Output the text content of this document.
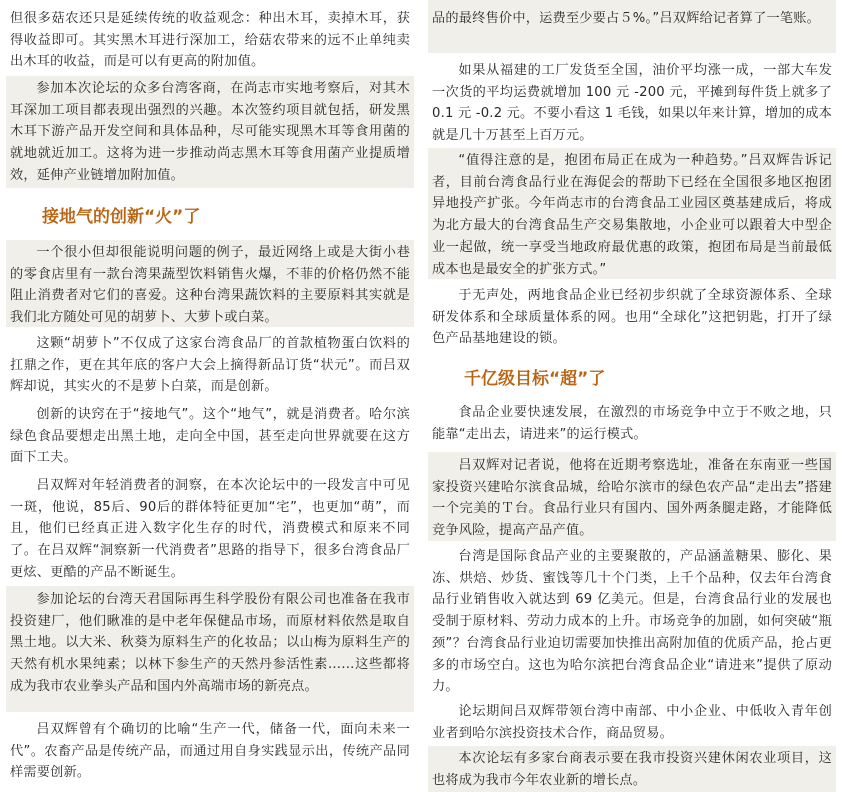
但很多菇农还只是延续传统的收益观念：种出木耳，卖掉木耳，获得收益即可。其实黑木耳进行深加工，给菇农带来的远不止单纯卖出木耳的收益，而是可以有更高的附加值。

参加本次论坛的众多台湾客商，在尚志市实地考察后，对其木耳深加工项目都表现出强烈的兴趣。本次签约项目就包括，研发黑木耳下游产品开发空间和具体品种，尽可能实现黑木耳等食用菌的就地就近加工。这将为进一步推动尚志黑木耳等食用菌产业提质增效，延伸产业链增加附加值。

接地气的创新“火”了

一个很小但却很能说明问题的例子，最近网络上或是大街小巷的零食店里有一款台湾果蔬型饮料销售火爆，不菲的价格仍然不能阻止消费者对它们的喜爱。这种台湾果蔬饮料的主要原料其实就是我们北方随处可见的胡萝卜、大萝卜或白菜。

这颗“胡萝卜”不仅成了这家台湾食品厂的首款植物蛋白饮料的扛鼎之作，更在其年底的客户大会上摘得新品订货“状元”。而吕双辉却说，其实火的不是萝卜白菜，而是创新。

创新的诀窍在于“接地气”。这个“地气”，就是消费者。哈尔滨绿色食品要想走出黑土地，走向全中国，甚至走向世界就要在这方面下工夫。

吕双辉对年轻消费者的洞察，在本次论坛中的一段发言中可见一斑，他说，85后、90后的群体特征更加“宅”，也更加“萌”，而且，他们已经真正进入数字化生存的时代，消费模式和原来不同了。在吕双辉“洞察新一代消费者”思路的指导下，很多台湾食品厂更炫、更酷的产品不断诞生。

参加论坛的台湾天君国际再生科学股份有限公司也准备在我市投资建厂，他们瞅准的是中老年保健品市场，而原材料依然是取自黑土地。以大米、秋葵为原料生产的化妆品；以山梅为原料生产的天然有机水果纯素；以林下参生产的天然丹参活性素……这些都将成为我市农业拳头产品和国内外高端市场的新亮点。

吕双辉曾有个确切的比喻“生产一代，储备一代，面向未来一代”。农畜产品是传统产品，而通过用自身实践显示出，传统产品同样需要创新。

品的最终售价中，运费至少要占５%。”吕双辉给记者算了一笔账。

如果从福建的工厂发货至全国，油价平均涨一成，一部大车发一次货的平均运费就增加 100 元 -200 元，平摊到每件货上就多了 0.1 元 -0.2 元。不要小看这 1 毛钱，如果以年来计算，增加的成本就是几十万甚至上百万元。

“值得注意的是，抱团布局正在成为一种趋势。”吕双辉告诉记者，目前台湾食品行业在海促会的帮助下已经在全国很多地区抱团异地投产扩张。今年尚志市的台湾食品工业园区奠基建成后，将成为北方最大的台湾食品生产交易集散地，小企业可以跟着大中型企业一起做，统一享受当地政府最优惠的政策，抱团布局是当前最低成本也是最安全的扩张方式。”

于无声处，两地食品企业已经初步织就了全球资源体系、全球研发体系和全球质量体系的网。也用“全球化”这把钥匙，打开了绿色产品基地建设的锁。

千亿级目标“超”了

食品企业要快速发展，在激烈的市场竞争中立于不败之地，只能靠“走出去，请进来”的运行模式。

吕双辉对记者说，他将在近期考察选址，准备在东南亚一些国家投资兴建哈尔滨食品城，给哈尔滨市的绿色农产品“走出去”搭建一个完美的Ｔ台。食品行业只有国内、国外两条腿走路，才能降低竞争风险，提高产品产值。

台湾是国际食品产业的主要聚散的，产品涵盖糖果、膨化、果冻、烘焙、炒货、蜜饯等几十个门类，上千个品种，仅去年台湾食品行业销售收入就达到 69 亿美元。但是，台湾食品行业的发展也受制于原材料、劳动力成本的上升。市场竞争的加剧，如何突破“瓶颈”？台湾食品行业迫切需要加快推出高附加值的优质产品，抢占更多的市场空白。这也为哈尔滨把台湾食品企业“请进来”提供了原动力。

论坛期间吕双辉带领台湾中南部、中小企业、中低收入青年创业者到哈尔滨投资技术合作，商品贸易。

本次论坛有多家台商表示要在我市投资兴建休闲农业项目，这也将成为我市今年农业新的增长点。
